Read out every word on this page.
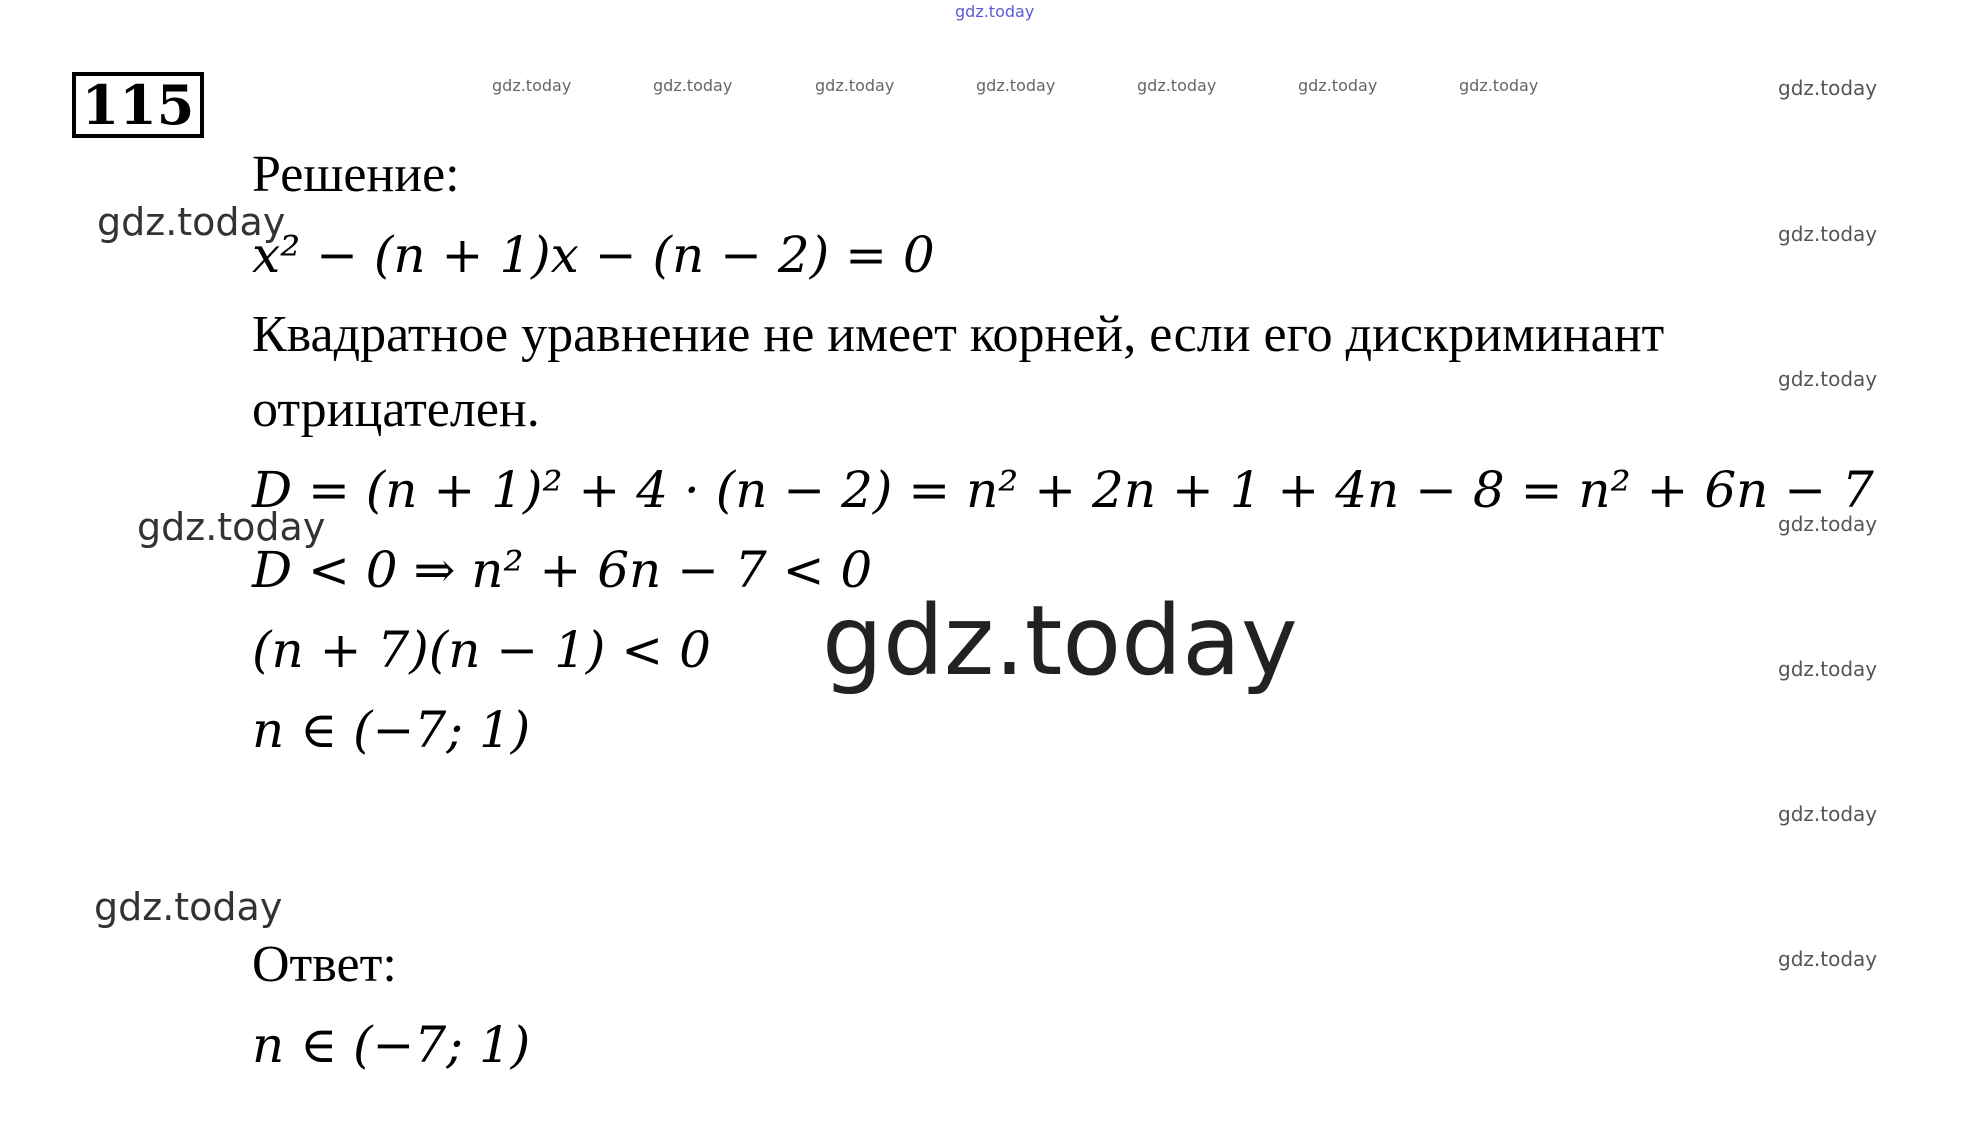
115
Решение:
x² − (n + 1)x − (n − 2) = 0
Квадратное уравнение не имеет корней, если его дискриминант
отрицателен.
D = (n + 1)² + 4 · (n − 2) = n² + 2n + 1 + 4n − 8 = n² + 6n − 7
D < 0 ⇒ n² + 6n − 7 < 0
(n + 7)(n − 1) < 0
n ∈ (−7; 1)
Ответ:
n ∈ (−7; 1)
gdz.today
gdz.today	gdz.today	gdz.today	gdz.today	gdz.today	gdz.today	gdz.today	gdz.today
gdz.today
gdz.today
gdz.today
gdz.today
gdz.today
gdz.today
gdz.today
gdz.today
gdz.today
gdz.today
